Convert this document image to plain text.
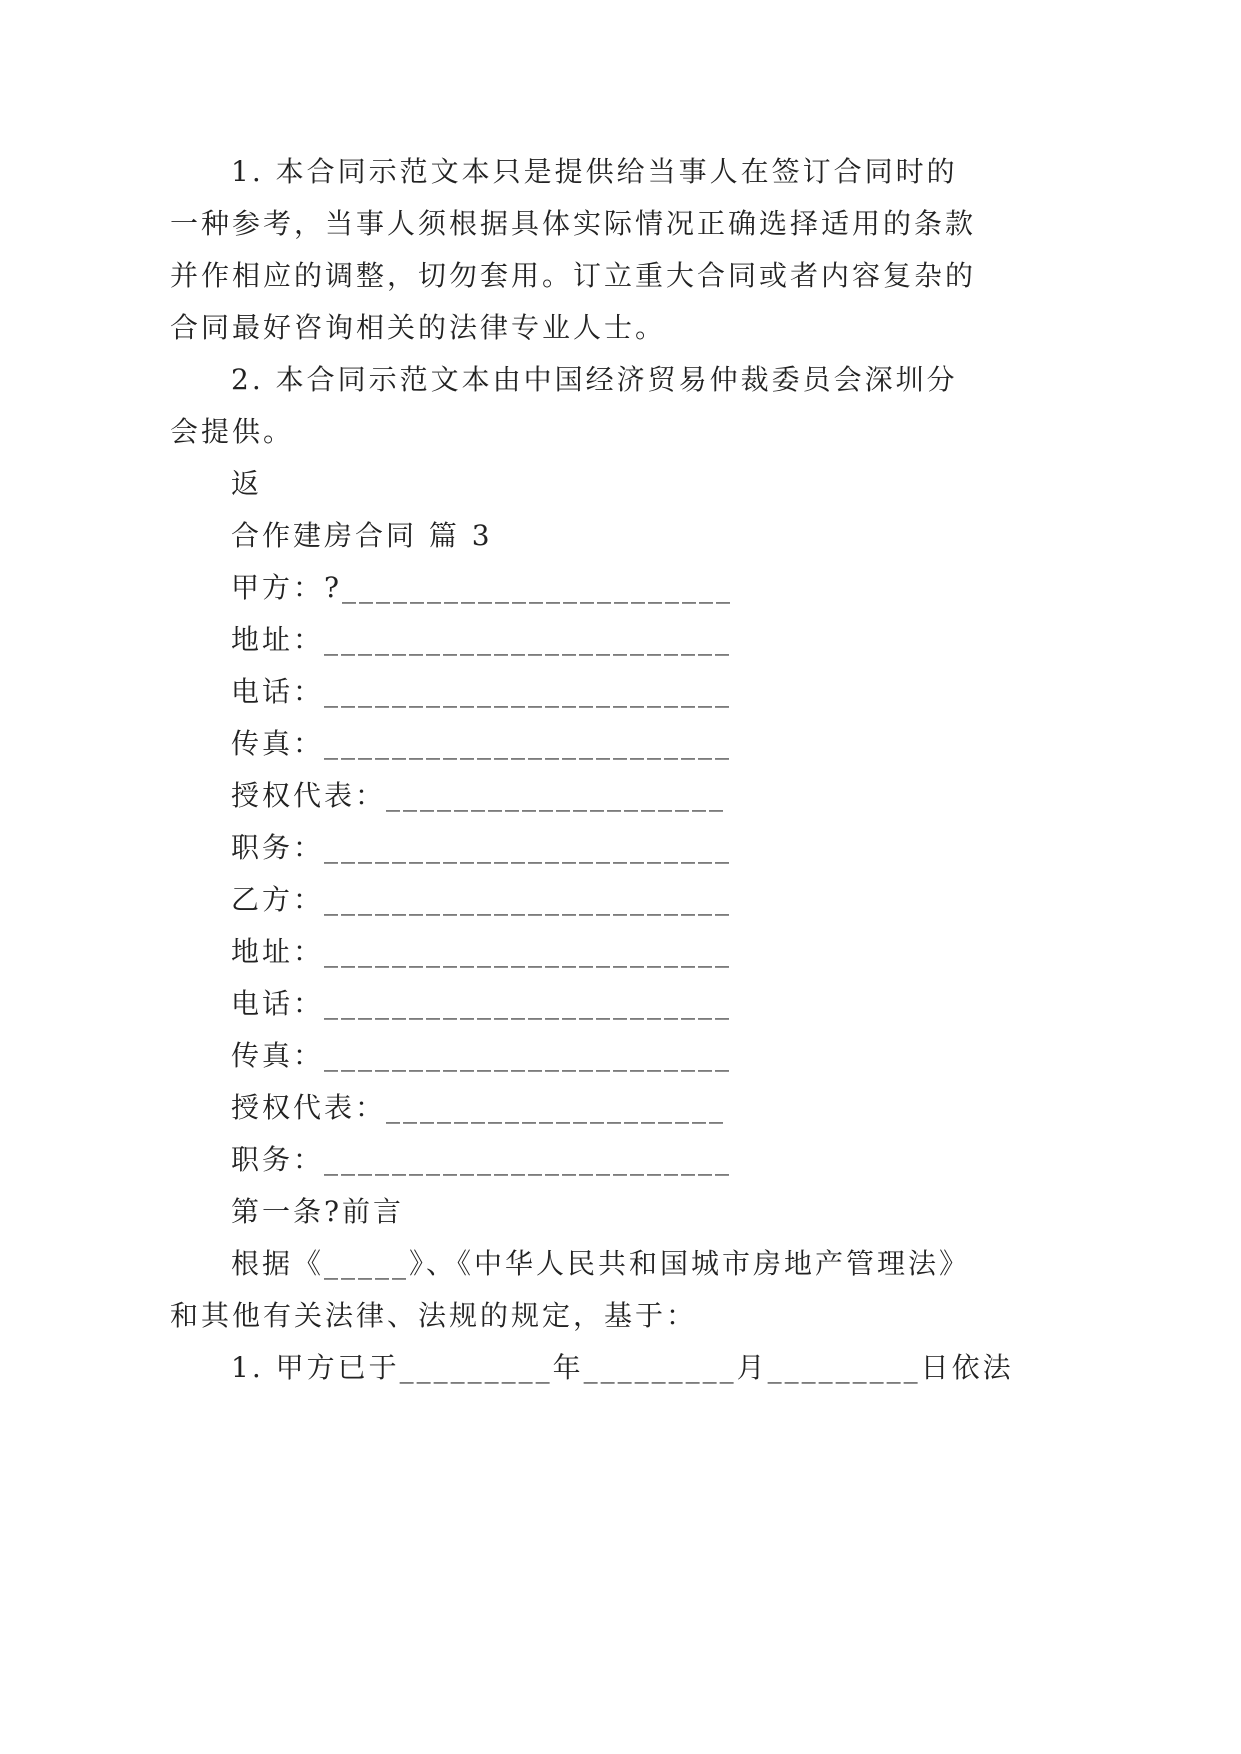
1. 本合同示范文本只是提供给当事人在签订合同时的
一种参考，当事人须根据具体实际情况正确选择适用的条款
并作相应的调整，切勿套用。订立重大合同或者内容复杂的
合同最好咨询相关的法律专业人士。
2. 本合同示范文本由中国经济贸易仲裁委员会深圳分
会提供。
返
合作建房合同 篇 3
甲方：?_______________________
地址：________________________
电话：________________________
传真：________________________
授权代表：____________________
职务：________________________
乙方：________________________
地址：________________________
电话：________________________
传真：________________________
授权代表：____________________
职务：________________________
第一条?前言
根据《_____》、《中华人民共和国城市房地产管理法》
和其他有关法律、法规的规定，基于：
1. 甲方已于_________年_________月_________日依法
